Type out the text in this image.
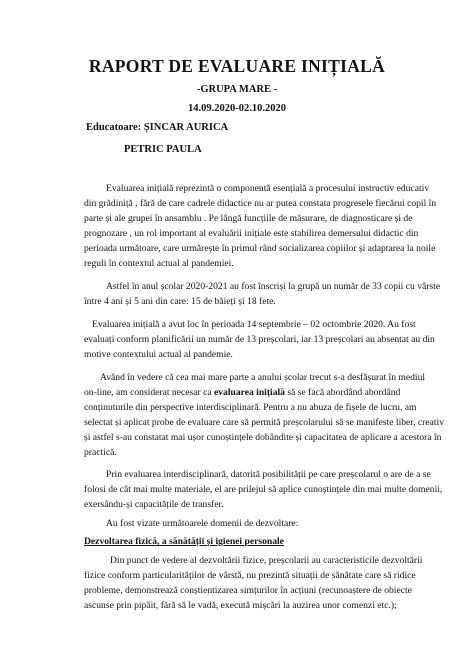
RAPORT DE EVALUARE INIȚIALĂ
-GRUPA MARE -
14.09.2020-02.10.2020
Educatoare: ȘINCAR AURICA
PETRIC PAULA
Evaluarea inițială reprezintă o componentă esențială a procesului instructiv educativ
din grădiniță , fără de care cadrele didactice nu ar putea constata progresele fiecărui copil în
parte și ale grupei în ansamblu . Pe lângă funcțiile de măsurare, de diagnosticare și de
prognozare , un rol important al evaluării inițiale este stabilirea demersului didactic din
perioada următoare, care urmărește în primul rând socializarea copiilor și adaptarea la noile
reguli în contextul actual al pandemiei.
Astfel în anul școlar 2020-2021 au fost înscriși la grupă un număr de 33 copii cu vârste
între 4 ani și 5 ani din care: 15 de băieți și 18 fete.
Evaluarea inițială a avut loc în perioada 14 septembrie – 02 octombrie 2020. Au fost
evaluați conform planificării un număr de 13 preșcolari, iar 13 preșcolari au absentat au din
motive contextului actual al pandemie.
Având în vedere că cea mai mare parte a anului școlar trecut s-a desfășurat în mediul
on-line, am considerat necesar ca evaluarea inițială să se facă abordând abordând
conținuturile din perspective interdisciplinară. Pentru a nu abuza de fișele de lucru, am
selectat și aplicat probe de evaluare care să permită preșcolarului să se manifeste liber, creativ
și astfel s-au constatat mai ușor cunoștințele dobândite și capacitatea de aplicare a acestora în
practică.
Prin evaluarea interdisciplinară, datorită posibilității pe care preșcolarul o are de a se
folosi de cât mai multe materiale, el are prilejul să aplice cunoștințele din mai multe domenii,
exersându-și capacitățile de transfer.
Au fost vizate următoarele domenii de dezvoltare:
Dezvoltarea fizică, a sănătății și igienei personale
Din punct de vedere al dezvoltării fizice, preșcolarii au caracteristicile dezvoltării
fizice conform particularităților de vârstă, nu prezintă situații de sănătate care să ridice
probleme, demonstrează conștientizarea simțurilor în acțiuni (recunoaștere de obiecte
ascunse prin pipăit, fără să le vadă, execută mișcări la auzirea unor comenzi etc.);
